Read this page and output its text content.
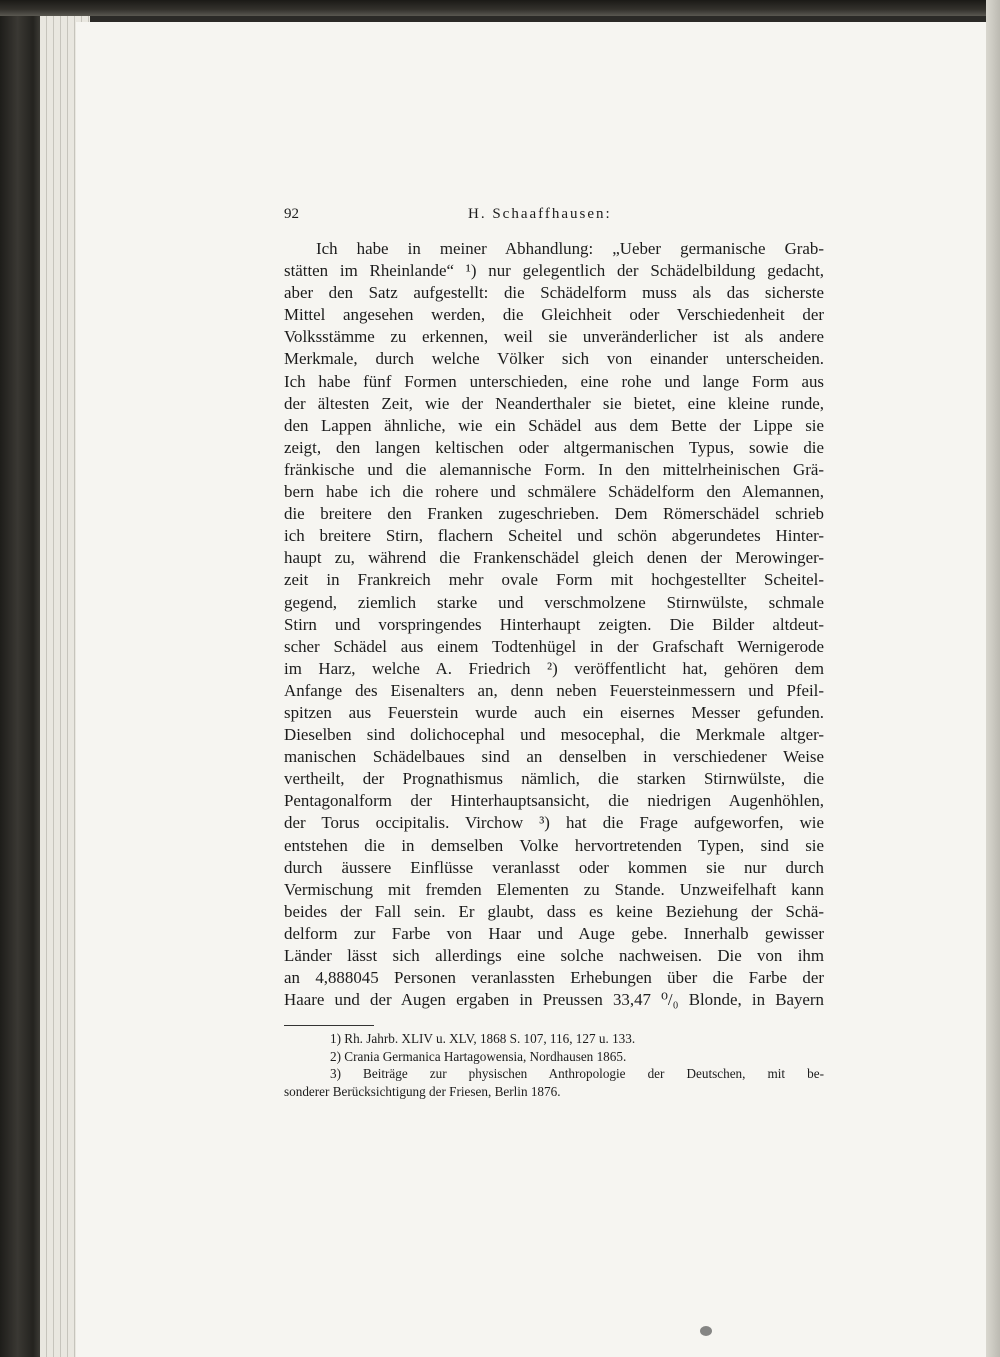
92	H. Schaaffhausen:
Ich habe in meiner Abhandlung: „Ueber germanische Grab-
stätten im Rheinlande“ ¹) nur gelegentlich der Schädelbildung gedacht,
aber den Satz aufgestellt: die Schädelform muss als das sicherste
Mittel angesehen werden, die Gleichheit oder Verschiedenheit der
Volksstämme zu erkennen, weil sie unveränderlicher ist als andere
Merkmale, durch welche Völker sich von einander unterscheiden.
Ich habe fünf Formen unterschieden, eine rohe und lange Form aus
der ältesten Zeit, wie der Neanderthaler sie bietet, eine kleine runde,
den Lappen ähnliche, wie ein Schädel aus dem Bette der Lippe sie
zeigt, den langen keltischen oder altgermanischen Typus, sowie die
fränkische und die alemannische Form. In den mittelrheinischen Grä-
bern habe ich die rohere und schmälere Schädelform den Alemannen,
die breitere den Franken zugeschrieben. Dem Römerschädel schrieb
ich breitere Stirn, flachern Scheitel und schön abgerundetes Hinter-
haupt zu, während die Frankenschädel gleich denen der Merowinger-
zeit in Frankreich mehr ovale Form mit hochgestellter Scheitel-
gegend, ziemlich starke und verschmolzene Stirnwülste, schmale
Stirn und vorspringendes Hinterhaupt zeigten. Die Bilder altdeut-
scher Schädel aus einem Todtenhügel in der Grafschaft Wernigerode
im Harz, welche A. Friedrich ²) veröffentlicht hat, gehören dem
Anfange des Eisenalters an, denn neben Feuersteinmessern und Pfeil-
spitzen aus Feuerstein wurde auch ein eisernes Messer gefunden.
Dieselben sind dolichocephal und mesocephal, die Merkmale altger-
manischen Schädelbaues sind an denselben in verschiedener Weise
vertheilt, der Prognathismus nämlich, die starken Stirnwülste, die
Pentagonalform der Hinterhauptsansicht, die niedrigen Augenhöhlen,
der Torus occipitalis. Virchow ³) hat die Frage aufgeworfen, wie
entstehen die in demselben Volke hervortretenden Typen, sind sie
durch äussere Einflüsse veranlasst oder kommen sie nur durch
Vermischung mit fremden Elementen zu Stande. Unzweifelhaft kann
beides der Fall sein. Er glaubt, dass es keine Beziehung der Schä-
delform zur Farbe von Haar und Auge gebe. Innerhalb gewisser
Länder lässt sich allerdings eine solche nachweisen. Die von ihm
an 4,888045 Personen veranlassten Erhebungen über die Farbe der
Haare und der Augen ergaben in Preussen 33,47 ⁰/₀ Blonde, in Bayern
1) Rh. Jahrb. XLIV u. XLV, 1868 S. 107, 116, 127 u. 133.
2) Crania Germanica Hartagowensia, Nordhausen 1865.
3) Beiträge zur physischen Anthropologie der Deutschen, mit be-
sonderer Berücksichtigung der Friesen, Berlin 1876.
